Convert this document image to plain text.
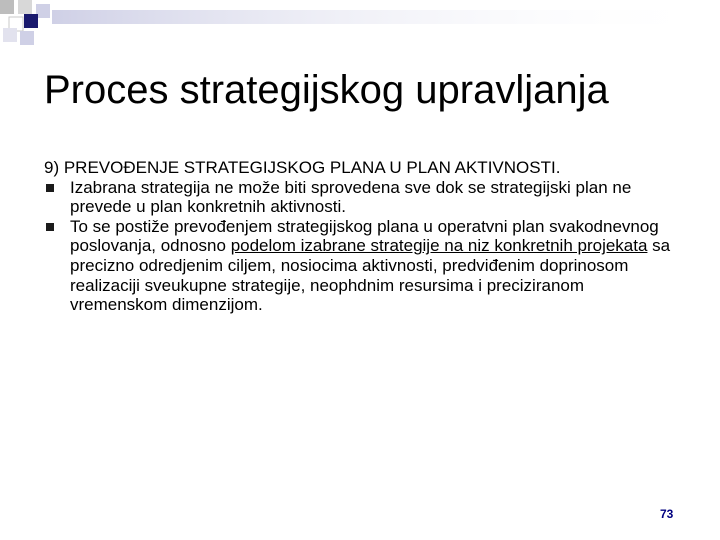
Proces strategijskog upravljanja
9) PREVOĐENJE STRATEGIJSKOG PLANA U PLAN AKTIVNOSTI.
Izabrana strategija ne može biti sprovedena sve dok se strategijski plan ne prevede u plan konkretnih aktivnosti.
To se postiže prevođenjem strategijskog plana u operatvni plan svakodnevnog poslovanja, odnosno podelom izabrane strategije na niz konkretnih projekata sa precizno odredjenim ciljem, nosiocima aktivnosti, predviđenim doprinosom realizaciji sveukupne strategije, neophdnim resursima i preciziranom vremenskom dimenzijom.
73
